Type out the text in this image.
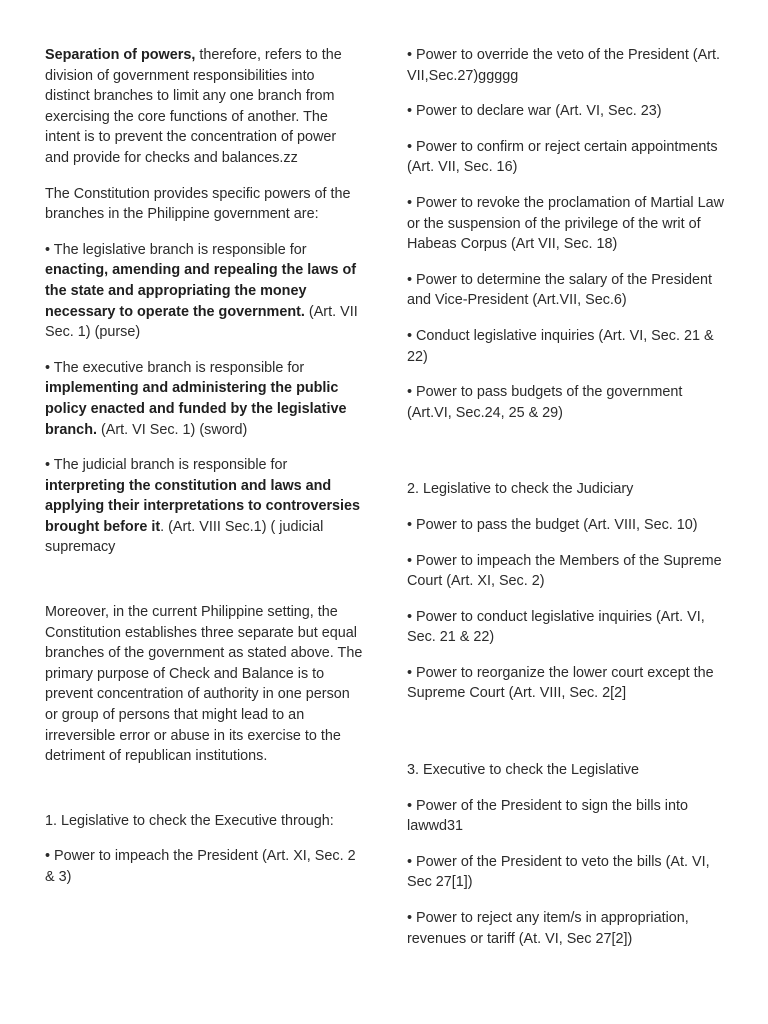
Separation of powers, therefore, refers to the division of government responsibilities into distinct branches to limit any one branch from exercising the core functions of another. The intent is to prevent the concentration of power and provide for checks and balances.zz

The Constitution provides specific powers of the branches in the Philippine government are:

• The legislative branch is responsible for enacting, amending and repealing the laws of the state and appropriating the money necessary to operate the government. (Art. VII Sec. 1) (purse)

• The executive branch is responsible for implementing and administering the public policy enacted and funded by the legislative branch. (Art. VI Sec. 1) (sword)

• The judicial branch is responsible for interpreting the constitution and laws and applying their interpretations to controversies brought before it. (Art. VIII Sec.1) ( judicial supremacy

Moreover, in the current Philippine setting, the Constitution establishes three separate but equal branches of the government as stated above. The primary purpose of Check and Balance is to prevent concentration of authority in one person or group of persons that might lead to an irreversible error or abuse in its exercise to the detriment of republican institutions.

1. Legislative to check the Executive through:

• Power to impeach the President (Art. XI, Sec. 2 & 3)

• Power to override the veto of the President (Art. VII,Sec.27)ggggg

• Power to declare war (Art. VI, Sec. 23)

• Power to confirm or reject certain appointments (Art. VII, Sec. 16)

• Power to revoke the proclamation of Martial Law or the suspension of the privilege of the writ of Habeas Corpus (Art VII, Sec. 18)

• Power to determine the salary of the President and Vice-President (Art.VII, Sec.6)

• Conduct legislative inquiries (Art. VI, Sec. 21 & 22)

• Power to pass budgets of the government (Art.VI, Sec.24, 25 & 29)

2. Legislative to check the Judiciary

• Power to pass the budget (Art. VIII, Sec. 10)

• Power to impeach the Members of the Supreme Court (Art. XI, Sec. 2)

• Power to conduct legislative inquiries (Art. VI, Sec. 21 & 22)

• Power to reorganize the lower court except the Supreme Court (Art. VIII, Sec. 2[2]

3. Executive to check the Legislative

• Power of the President to sign the bills into lawwd31

• Power of the President to veto the bills (At. VI, Sec 27[1])

• Power to reject any item/s in appropriation, revenues or tariff (At. VI, Sec 27[2])
